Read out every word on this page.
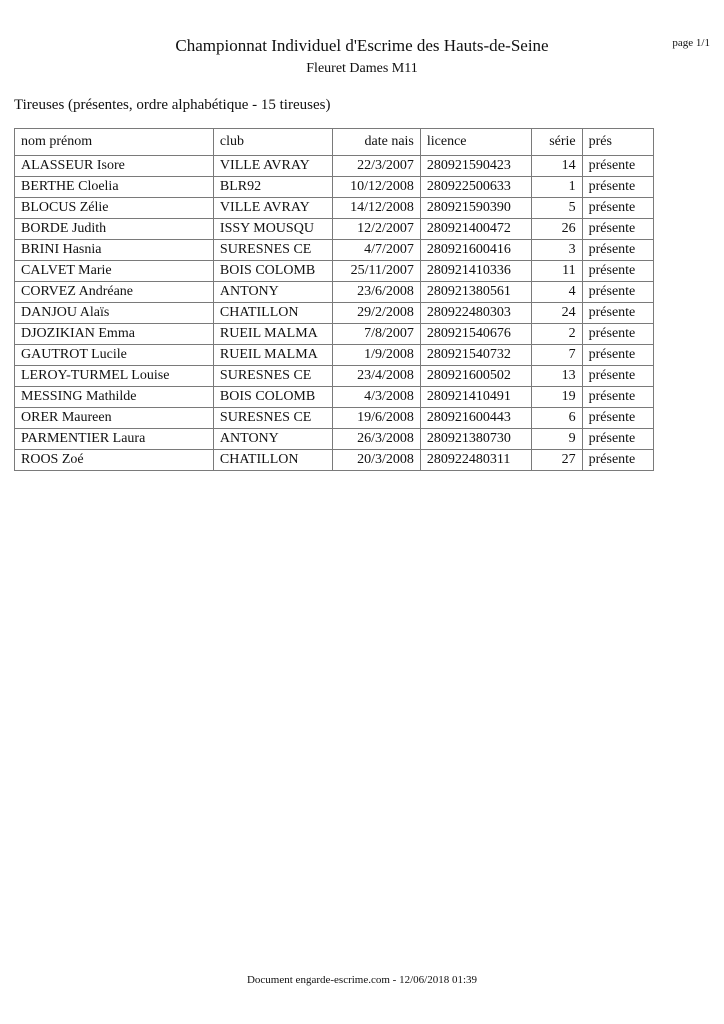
page 1/1
Championnat Individuel d'Escrime des Hauts-de-Seine
Fleuret Dames M11
Tireuses (présentes, ordre alphabétique - 15 tireuses)
nom prénom	club	date nais	licence	série	prés
ALASSEUR Isore	VILLE AVRAY	22/3/2007	280921590423	14	présente
BERTHE Cloelia	BLR92	10/12/2008	280922500633	1	présente
BLOCUS Zélie	VILLE AVRAY	14/12/2008	280921590390	5	présente
BORDE Judith	ISSY MOUSQU	12/2/2007	280921400472	26	présente
BRINI Hasnia	SURESNES CE	4/7/2007	280921600416	3	présente
CALVET Marie	BOIS COLOMB	25/11/2007	280921410336	11	présente
CORVEZ Andréane	ANTONY	23/6/2008	280921380561	4	présente
DANJOU Alaïs	CHATILLON	29/2/2008	280922480303	24	présente
DJOZIKIAN Emma	RUEIL MALMA	7/8/2007	280921540676	2	présente
GAUTROT Lucile	RUEIL MALMA	1/9/2008	280921540732	7	présente
LEROY-TURMEL Louise	SURESNES CE	23/4/2008	280921600502	13	présente
MESSING Mathilde	BOIS COLOMB	4/3/2008	280921410491	19	présente
ORER Maureen	SURESNES CE	19/6/2008	280921600443	6	présente
PARMENTIER Laura	ANTONY	26/3/2008	280921380730	9	présente
ROOS Zoé	CHATILLON	20/3/2008	280922480311	27	présente
Document engarde-escrime.com - 12/06/2018 01:39
